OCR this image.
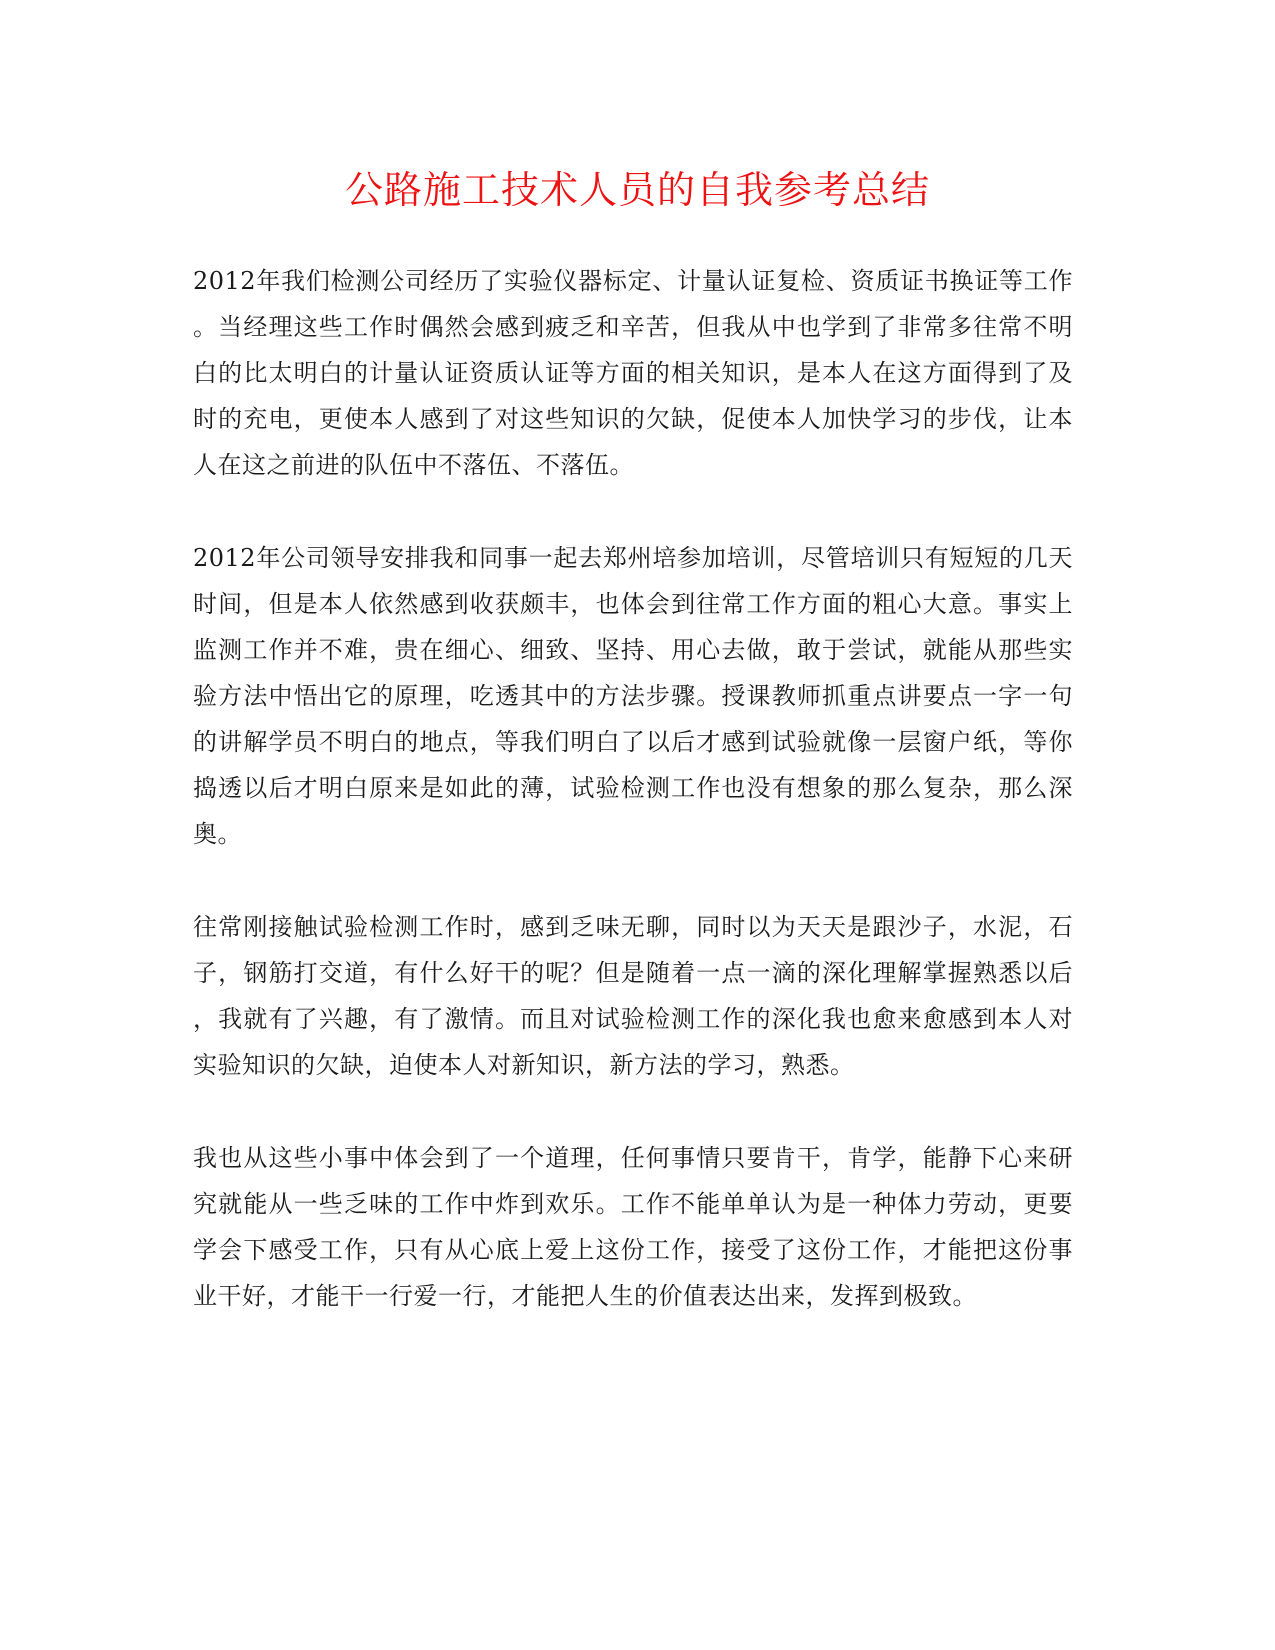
公路施工技术人员的自我参考总结
2012年我们检测公司经历了实验仪器标定、计量认证复检、资质证书换证等工作
。当经理这些工作时偶然会感到疲乏和辛苦，但我从中也学到了非常多往常不明
白的比太明白的计量认证资质认证等方面的相关知识，是本人在这方面得到了及
时的充电，更使本人感到了对这些知识的欠缺，促使本人加快学习的步伐，让本
人在这之前进的队伍中不落伍、不落伍。
2012年公司领导安排我和同事一起去郑州培参加培训，尽管培训只有短短的几天
时间，但是本人依然感到收获颇丰，也体会到往常工作方面的粗心大意。事实上
监测工作并不难，贵在细心、细致、坚持、用心去做，敢于尝试，就能从那些实
验方法中悟出它的原理，吃透其中的方法步骤。授课教师抓重点讲要点一字一句
的讲解学员不明白的地点，等我们明白了以后才感到试验就像一层窗户纸，等你
捣透以后才明白原来是如此的薄，试验检测工作也没有想象的那么复杂，那么深
奥。
往常刚接触试验检测工作时，感到乏味无聊，同时以为天天是跟沙子，水泥，石
子，钢筋打交道，有什么好干的呢？但是随着一点一滴的深化理解掌握熟悉以后
，我就有了兴趣，有了激情。而且对试验检测工作的深化我也愈来愈感到本人对
实验知识的欠缺，迫使本人对新知识，新方法的学习，熟悉。
我也从这些小事中体会到了一个道理，任何事情只要肯干，肯学，能静下心来研
究就能从一些乏味的工作中炸到欢乐。工作不能单单认为是一种体力劳动，更要
学会下感受工作，只有从心底上爱上这份工作，接受了这份工作，才能把这份事
业干好，才能干一行爱一行，才能把人生的价值表达出来，发挥到极致。
